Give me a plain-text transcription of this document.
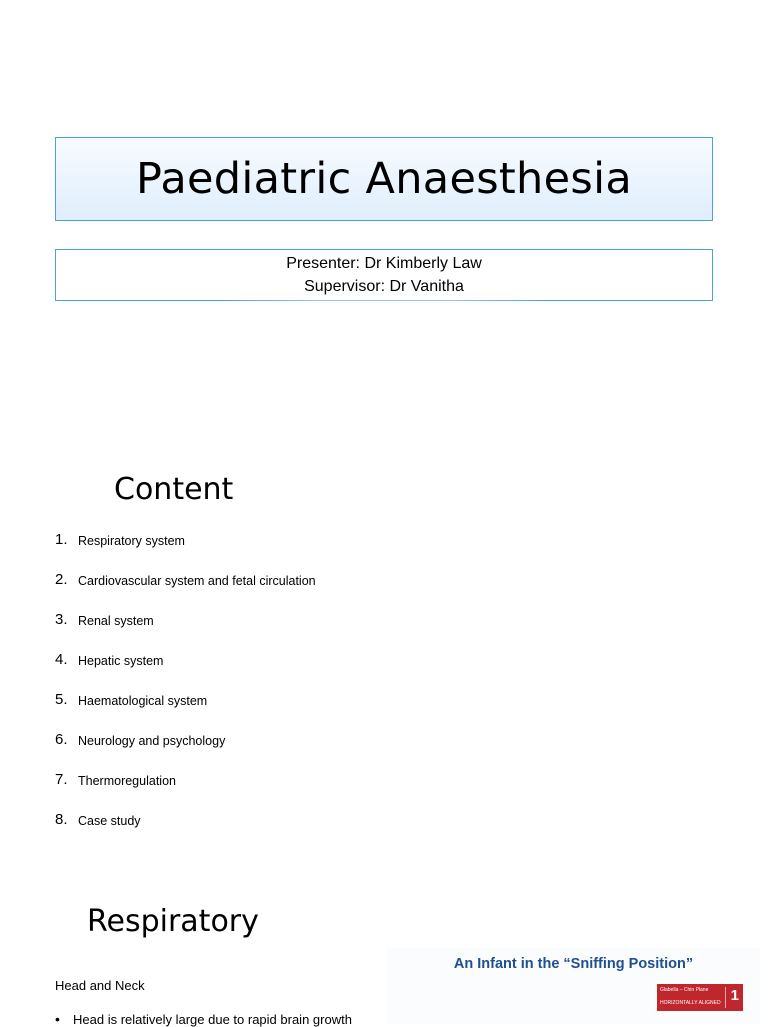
Paediatric Anaesthesia
Presenter: Dr Kimberly Law
Supervisor: Dr Vanitha
Content
1. Respiratory system
2. Cardiovascular system and fetal circulation
3. Renal system
4. Hepatic system
5. Haematological system
6. Neurology and psychology
7. Thermoregulation
8. Case study
Respiratory
Head and Neck
•	Head is relatively large due to rapid brain growth
An Infant in the “Sniffing Position”
Glabella – Chin Plane
HORIZONTALLY ALIGNED 1
